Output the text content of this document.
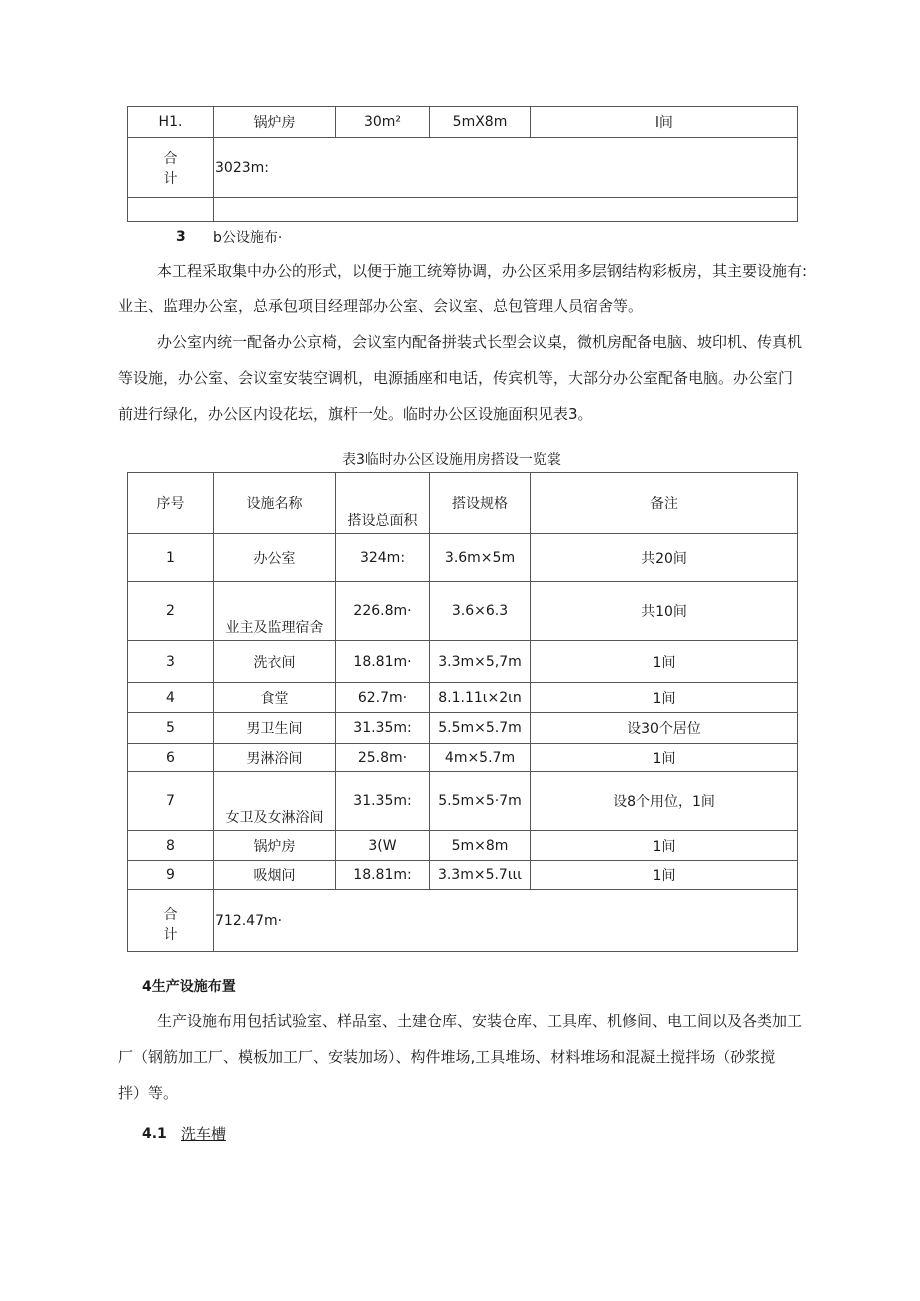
H1.	锅炉房	30m²	5mX8m	l间

合
计	3023m:			

3 b公设施布·
本工程采取集中办公的形式，以便于施工统筹协调，办公区采用多层钢结构彩板房，其主要设施有:
业主、监理办公室，总承包项目经理部办公室、会议室、总包管理人员宿舍等。
办公室内统一配备办公京椅，会议室内配备拼装式长型会议桌，微机房配备电脑、坡印机、传真机
等设施，办公室、会议室安装空调机，电源插座和电话，传宾机等，大部分办公室配备电脑。办公室门
前进行绿化，办公区内设花坛，旗杆一处。临时办公区设施面积见表3。
表3临时办公区设施用房搭设一览裳
序号	设施名称	搭设总面积	搭设规格	备注
1	办公室	324m:	3.6m×5m	共20间
2	业主及监理宿舍	226.8m·	3.6×6.3	共10间
3	洗衣间	18.81m·	3.3m×5,7m	1间
4	食堂	62.7m·	8.1.11ι×2ιn	1间
5	男卫生间	31.35m:	5.5m×5.7m	设30个居位
6	男淋浴间	25.8m·	4m×5.7m	1间
7	女卫及女淋浴间	31.35m:	5.5m×5·7m	设8个用位，1间
8	锅炉房	3(W	5m×8m	1间
9	吸烟问	18.81m:	3.3m×5.7ιιι	1间

合
计	712.47m·			
4生产设施布置
生产设施布用包括试验室、样品室、土建仓库、安装仓库、工具库、机修间、电工间以及各类加工
厂（钢筋加工厂、模板加工厂、安装加场）、构件堆场,工具堆场、材料堆场和混凝土搅拌场（砂浆搅
拌）等。
4.1 洗车槽
